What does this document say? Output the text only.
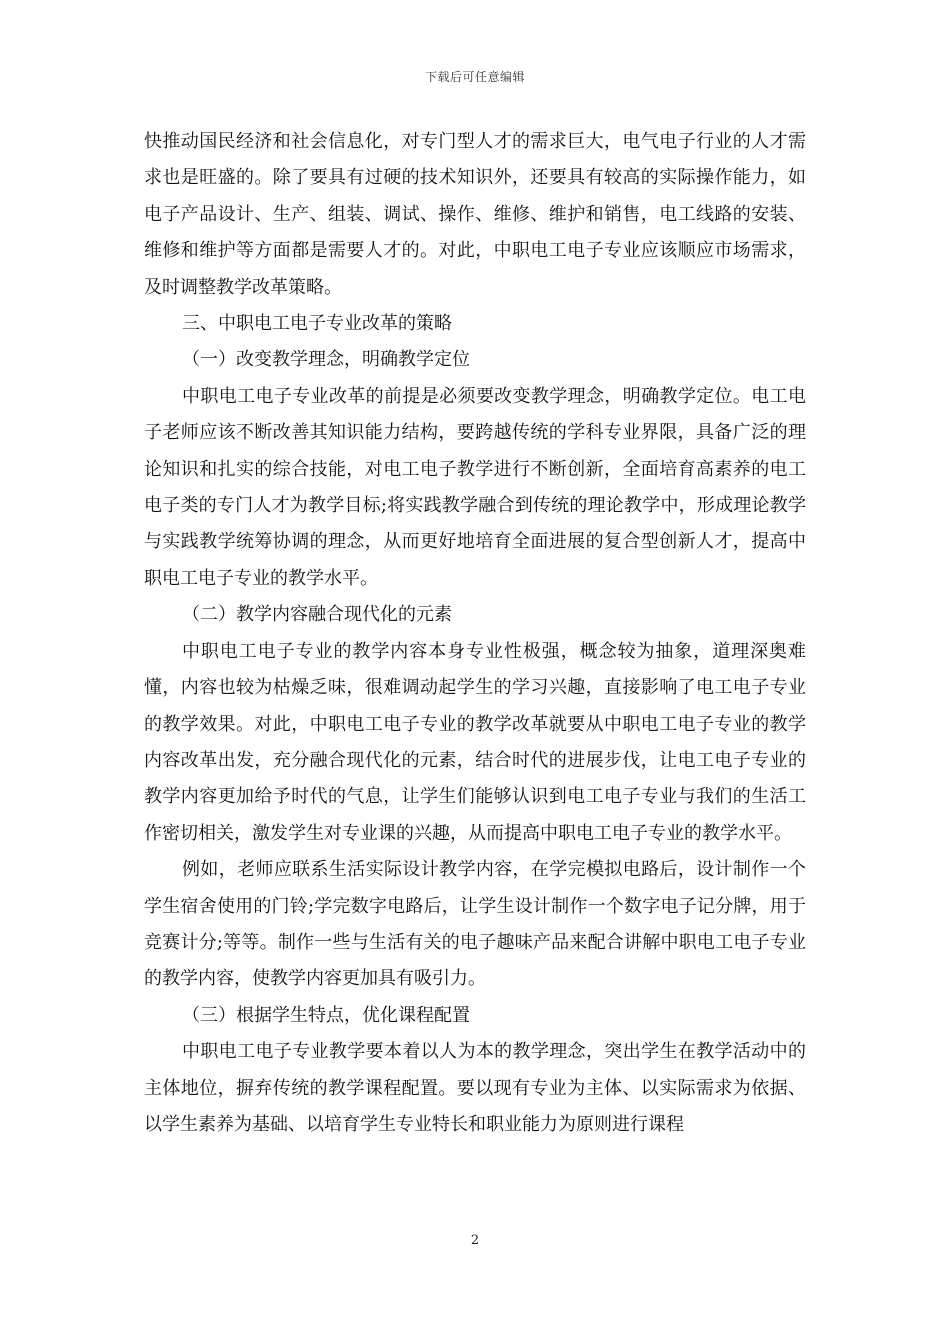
下载后可任意编辑

快推动国民经济和社会信息化，对专门型人才的需求巨大，电气电子行业的人才需求也是旺盛的。除了要具有过硬的技术知识外，还要具有较高的实际操作能力，如电子产品设计、生产、组装、调试、操作、维修、维护和销售，电工线路的安装、维修和维护等方面都是需要人才的。对此，中职电工电子专业应该顺应市场需求，及时调整教学改革策略。

三、中职电工电子专业改革的策略

（一）改变教学理念，明确教学定位

中职电工电子专业改革的前提是必须要改变教学理念，明确教学定位。电工电子老师应该不断改善其知识能力结构，要跨越传统的学科专业界限，具备广泛的理论知识和扎实的综合技能，对电工电子教学进行不断创新，全面培育高素养的电工电子类的专门人才为教学目标;将实践教学融合到传统的理论教学中，形成理论教学与实践教学统筹协调的理念，从而更好地培育全面进展的复合型创新人才，提高中职电工电子专业的教学水平。

（二）教学内容融合现代化的元素

中职电工电子专业的教学内容本身专业性极强，概念较为抽象，道理深奥难懂，内容也较为枯燥乏味，很难调动起学生的学习兴趣，直接影响了电工电子专业的教学效果。对此，中职电工电子专业的教学改革就要从中职电工电子专业的教学内容改革出发，充分融合现代化的元素，结合时代的进展步伐，让电工电子专业的教学内容更加给予时代的气息，让学生们能够认识到电工电子专业与我们的生活工作密切相关，激发学生对专业课的兴趣，从而提高中职电工电子专业的教学水平。

例如，老师应联系生活实际设计教学内容，在学完模拟电路后，设计制作一个学生宿舍使用的门铃;学完数字电路后，让学生设计制作一个数字电子记分牌，用于竞赛计分;等等。制作一些与生活有关的电子趣味产品来配合讲解中职电工电子专业的教学内容，使教学内容更加具有吸引力。

（三）根据学生特点，优化课程配置

中职电工电子专业教学要本着以人为本的教学理念，突出学生在教学活动中的主体地位，摒弃传统的教学课程配置。要以现有专业为主体、以实际需求为依据、以学生素养为基础、以培育学生专业特长和职业能力为原则进行课程

2
